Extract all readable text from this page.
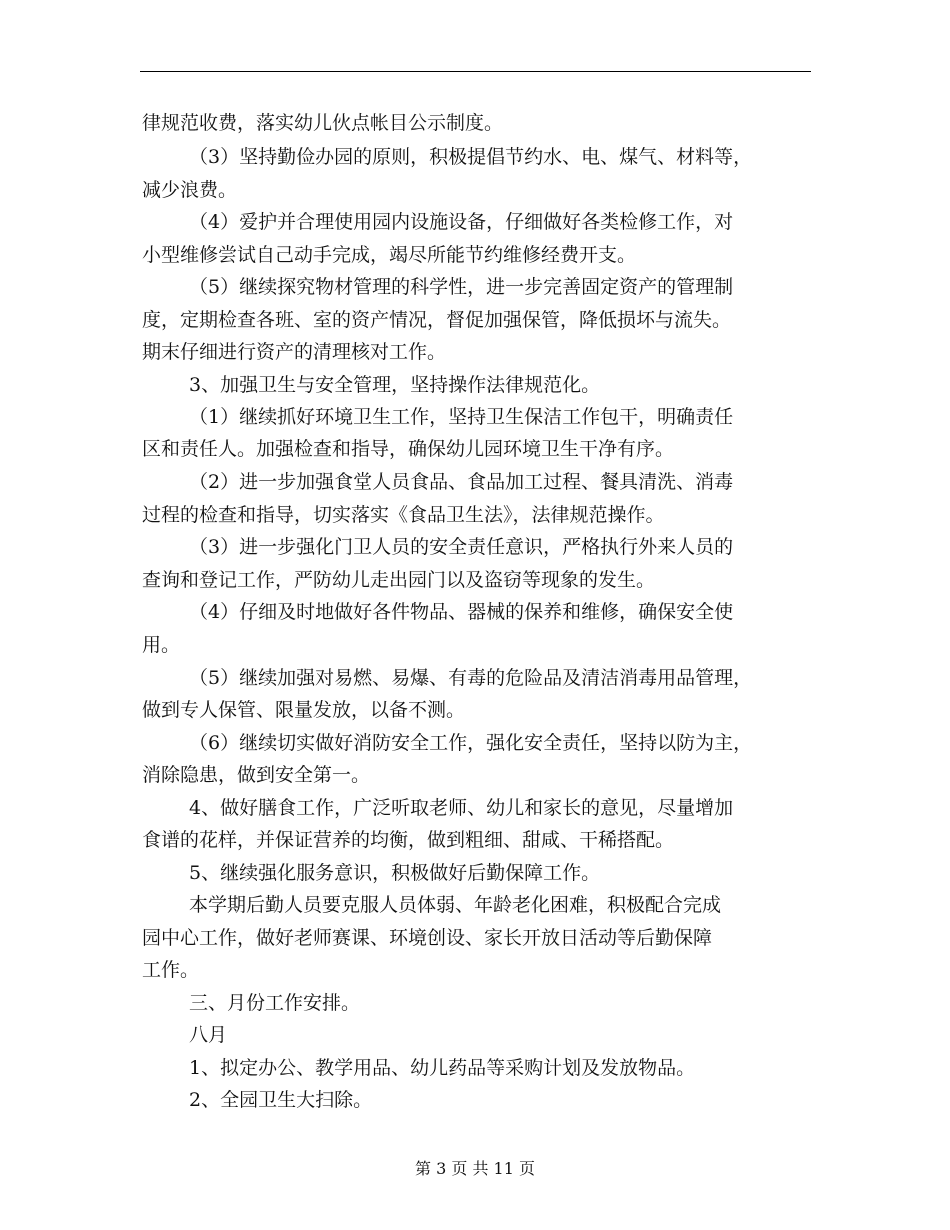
律规范收费，落实幼儿伙点帐目公示制度。
（3）坚持勤俭办园的原则，积极提倡节约水、电、煤气、材料等，
减少浪费。
（4）爱护并合理使用园内设施设备，仔细做好各类检修工作，对
小型维修尝试自己动手完成，竭尽所能节约维修经费开支。
（5）继续探究物材管理的科学性，进一步完善固定资产的管理制
度，定期检查各班、室的资产情况，督促加强保管，降低损坏与流失。
期末仔细进行资产的清理核对工作。
3、加强卫生与安全管理，坚持操作法律规范化。
（1）继续抓好环境卫生工作，坚持卫生保洁工作包干，明确责任
区和责任人。加强检查和指导，确保幼儿园环境卫生干净有序。
（2）进一步加强食堂人员食品、食品加工过程、餐具清洗、消毒
过程的检查和指导，切实落实《食品卫生法》，法律规范操作。
（3）进一步强化门卫人员的安全责任意识，严格执行外来人员的
查询和登记工作，严防幼儿走出园门以及盗窃等现象的发生。
（4）仔细及时地做好各件物品、器械的保养和维修，确保安全使
用。
（5）继续加强对易燃、易爆、有毒的危险品及清洁消毒用品管理，
做到专人保管、限量发放，以备不测。
（6）继续切实做好消防安全工作，强化安全责任，坚持以防为主，
消除隐患，做到安全第一。
4、做好膳食工作，广泛听取老师、幼儿和家长的意见，尽量增加
食谱的花样，并保证营养的均衡，做到粗细、甜咸、干稀搭配。
5、继续强化服务意识，积极做好后勤保障工作。
本学期后勤人员要克服人员体弱、年龄老化困难，积极配合完成
园中心工作，做好老师赛课、环境创设、家长开放日活动等后勤保障
工作。
三、月份工作安排。
八月
1、拟定办公、教学用品、幼儿药品等采购计划及发放物品。
2、全园卫生大扫除。
第 3 页 共 11 页
